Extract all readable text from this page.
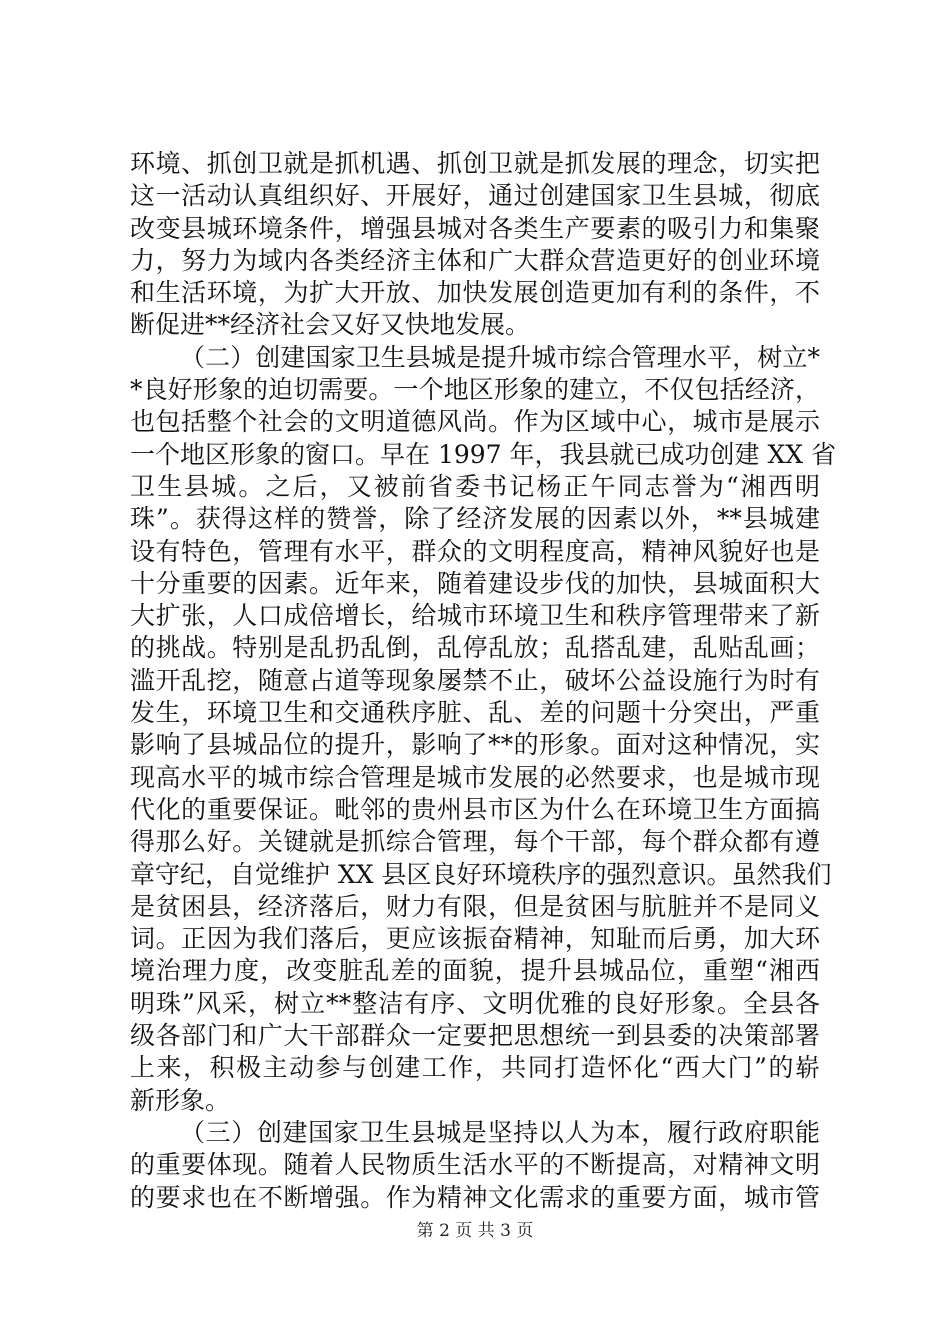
环境、抓创卫就是抓机遇、抓创卫就是抓发展的理念，切实把
这一活动认真组织好、开展好，通过创建国家卫生县城，彻底
改变县城环境条件，增强县城对各类生产要素的吸引力和集聚
力，努力为域内各类经济主体和广大群众营造更好的创业环境
和生活环境，为扩大开放、加快发展创造更加有利的条件，不
断促进**经济社会又好又快地发展。
（二）创建国家卫生县城是提升城市综合管理水平，树立*
*良好形象的迫切需要。一个地区形象的建立，不仅包括经济，
也包括整个社会的文明道德风尚。作为区域中心，城市是展示
一个地区形象的窗口。早在 1997 年，我县就已成功创建 XX 省
卫生县城。之后，又被前省委书记杨正午同志誉为“湘西明
珠”。获得这样的赞誉，除了经济发展的因素以外，**县城建
设有特色，管理有水平，群众的文明程度高，精神风貌好也是
十分重要的因素。近年来，随着建设步伐的加快，县城面积大
大扩张，人口成倍增长，给城市环境卫生和秩序管理带来了新
的挑战。特别是乱扔乱倒，乱停乱放；乱搭乱建，乱贴乱画；
滥开乱挖，随意占道等现象屡禁不止，破坏公益设施行为时有
发生，环境卫生和交通秩序脏、乱、差的问题十分突出，严重
影响了县城品位的提升，影响了**的形象。面对这种情况，实
现高水平的城市综合管理是城市发展的必然要求，也是城市现
代化的重要保证。毗邻的贵州县市区为什么在环境卫生方面搞
得那么好。关键就是抓综合管理，每个干部，每个群众都有遵
章守纪，自觉维护 XX 县区良好环境秩序的强烈意识。虽然我们
是贫困县，经济落后，财力有限，但是贫困与肮脏并不是同义
词。正因为我们落后，更应该振奋精神，知耻而后勇，加大环
境治理力度，改变脏乱差的面貌，提升县城品位，重塑“湘西
明珠”风采，树立**整洁有序、文明优雅的良好形象。全县各
级各部门和广大干部群众一定要把思想统一到县委的决策部署
上来，积极主动参与创建工作，共同打造怀化“西大门”的崭
新形象。
（三）创建国家卫生县城是坚持以人为本，履行政府职能
的重要体现。随着人民物质生活水平的不断提高，对精神文明
的要求也在不断增强。作为精神文化需求的重要方面，城市管
第 2 页 共 3 页
